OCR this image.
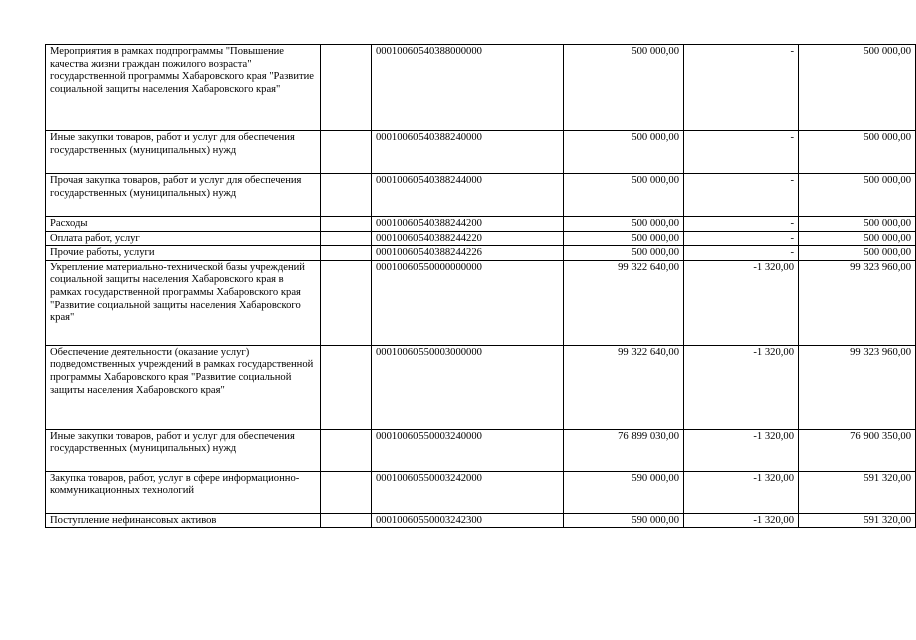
Мероприятия в рамках подпрограммы "Повышение качества жизни граждан пожилого возраста" государственной программы Хабаровского края "Развитие социальной защиты населения Хабаровского края"		00010060540388000000	500 000,00	-	500 000,00
Иные закупки товаров, работ и услуг для обеспечения государственных (муниципальных) нужд		00010060540388240000	500 000,00	-	500 000,00
Прочая закупка товаров, работ и услуг для обеспечения государственных (муниципальных) нужд		00010060540388244000	500 000,00	-	500 000,00
Расходы		00010060540388244200	500 000,00	-	500 000,00
Оплата работ, услуг		00010060540388244220	500 000,00	-	500 000,00
Прочие работы, услуги		00010060540388244226	500 000,00	-	500 000,00
Укрепление материально-технической базы учреждений социальной защиты населения Хабаровского края в рамках государственной программы Хабаровского края "Развитие социальной защиты населения Хабаровского края"		00010060550000000000	99 322 640,00	-1 320,00	99 323 960,00
Обеспечение деятельности (оказание услуг) подведомственных учреждений в рамках государственной программы Хабаровского края "Развитие социальной защиты населения Хабаровского края"		00010060550003000000	99 322 640,00	-1 320,00	99 323 960,00
Иные закупки товаров, работ и услуг для обеспечения государственных (муниципальных) нужд		00010060550003240000	76 899 030,00	-1 320,00	76 900 350,00
Закупка товаров, работ, услуг в сфере информационно-коммуникационных технологий		00010060550003242000	590 000,00	-1 320,00	591 320,00
Поступление нефинансовых активов		00010060550003242300	590 000,00	-1 320,00	591 320,00
